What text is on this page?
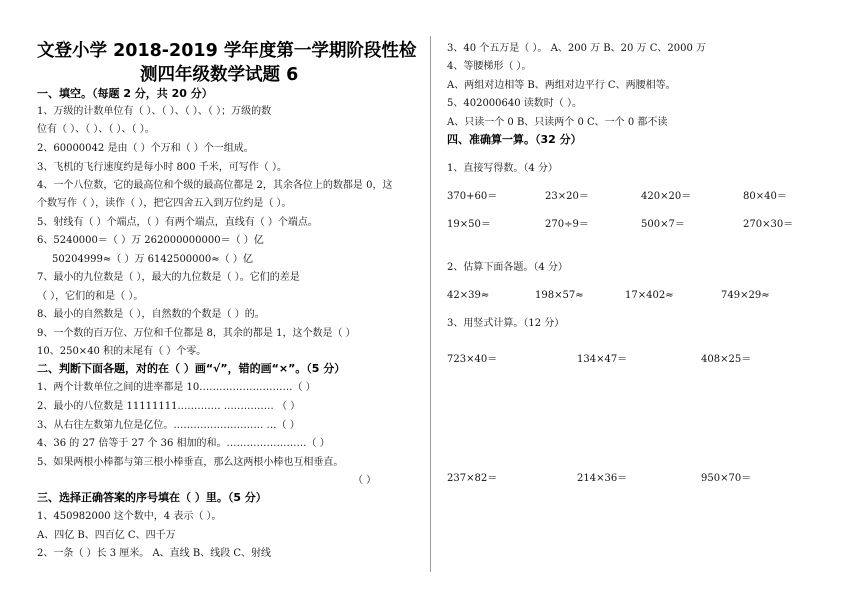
文登小学 2018-2019 学年度第一学期阶段性检
测四年级数学试题 6
一、填空。（每题 2 分，共 20 分）
1、万级的计数单位有（ ）、（ ）、（ ）、（ ）；万级的数
位有（ ）、（ ）、（ ）、（ ）。
2、60000042 是由（ ）个万和（ ）个一组成。
3、飞机的飞行速度约是每小时 800 千米，可写作（ ）。
4、一个八位数，它的最高位和个级的最高位都是 2，其余各位上的数都是 0，这
个数写作（ ），读作（ ），把它四舍五入到万位约是（ ）。
5、射线有（ ）个端点，（ ）有两个端点，直线有（ ）个端点。
6、5240000＝（ ）万 262000000000＝（ ）亿
50204999≈（ ）万 6142500000≈（ ）亿
7、最小的九位数是（ ），最大的九位数是（ ）。它们的差是
（ ），它们的和是（ ）。
8、最小的自然数是（ ），自然数的个数是（ ）的。
9、一个数的百万位、万位和千位都是 8，其余的都是 1，这个数是（ ）
10、250×40 积的末尾有（ ）个零。
二、判断下面各题，对的在（ ）画“√”，错的画“×”。（5 分）
1、两个计数单位之间的进率都是 10.………………………（ ）
2、最小的八位数是 11111111.………… …………… （ ）
3、从右往左数第九位是亿位。……………………… …（ ）
4、36 的 27 倍等于 27 个 36 相加的和。……………………（ ）
5、如果两根小棒都与第三根小棒垂直，那么这两根小棒也互相垂直。
（ ）
三、选择正确答案的序号填在（ ）里。（5 分）
1、450982000 这个数中，4 表示（ ）。
A、四亿 B、四百亿 C、四千万
2、一条（ ）长 3 厘米。 A、直线 B、线段 C、射线
3、40 个五万是（ ）。 A、200 万 B、20 万 C、2000 万
4、等腰梯形（ ）。
A、两组对边相等 B、两组对边平行 C、两腰相等。
5、402000640 读数时（ ）。
A、只读一个 0 B、只读两个 0 C、一个 0 都不读
四、准确算一算。（32 分）
1、直接写得数。（4 分）
370+60＝	23×20＝	420×20＝	80×40＝
19×50＝	270÷9＝	500×7＝	270×30＝
2、估算下面各题。（4 分）
42×39≈	198×57≈	17×402≈	749×29≈
3、用竖式计算。（12 分）
723×40＝	134×47＝	408×25＝
237×82＝	214×36＝	950×70＝
